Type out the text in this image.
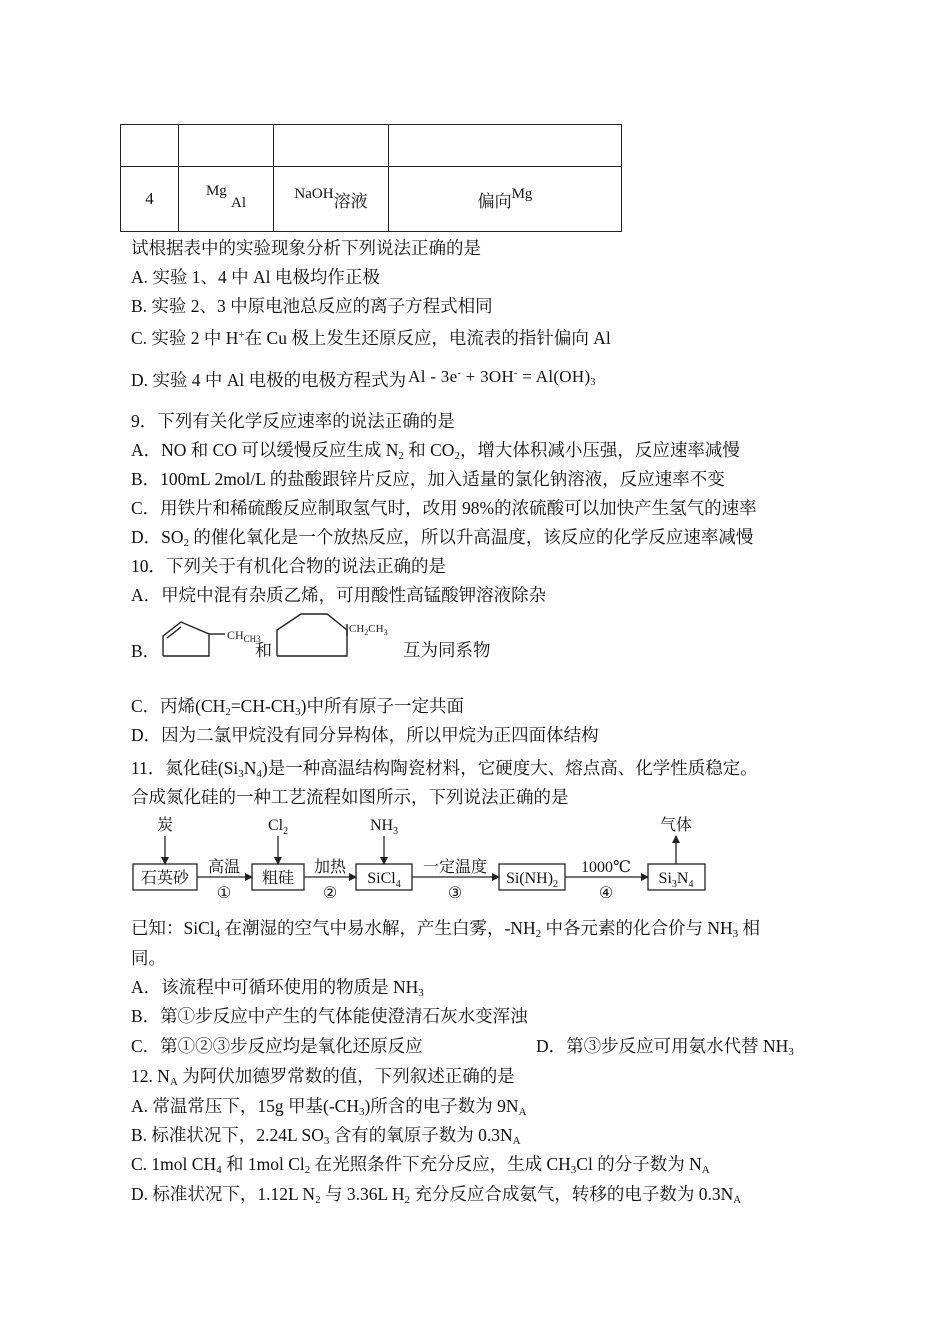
4	Mg Al	NaOH溶液	偏向Mg
试根据表中的实验现象分析下列说法正确的是
A. 实验 1、4 中 Al 电极均作正极
B. 实验 2、3 中原电池总反应的离子方程式相同
C. 实验 2 中 H+在 Cu 极上发生还原反应，电流表的指针偏向 Al
D. 实验 4 中 Al 电极的电极方程式为 $Al - 3e^- + 3OH^- = Al(OH)_3$
9．下列有关化学反应速率的说法正确的是
A．NO 和 CO 可以缓慢反应生成 $N_2$ 和 $CO_2$，增大体积减小压强，反应速率减慢
B．100mL 2mol/L 的盐酸跟锌片反应，加入适量的氯化钠溶液，反应速率不变
C．用铁片和稀硫酸反应制取氢气时，改用 98%的浓硫酸可以加快产生氢气的速率
D．$SO_2$ 的催化氧化是一个放热反应，所以升高温度，该反应的化学反应速率减慢
10．下列关于有机化合物的说法正确的是
A．甲烷中混有杂质乙烯，可用酸性高锰酸钾溶液除杂
B．
$CH_{CH3}$
和
$CH_2CH_3$
互为同系物
C．丙烯$(CH_2=CH-CH_3)$中所有原子一定共面
D．因为二氯甲烷没有同分异构体，所以甲烷为正四面体结构
11．氮化硅$(Si_3N_4)$是一种高温结构陶瓷材料，它硬度大、熔点高、化学性质稳定。
合成氮化硅的一种工艺流程如图所示，下列说法正确的是
石英砂	粗硅	SiCl$_4$	$Si(NH)_2$	$Si_3N_4$
炭	$Cl_2$	$NH_3$	气体
高温	加热	一定温度	1000℃
①	②	③	④
已知：SiCl$_4$ 在潮湿的空气中易水解，产生白雾，$-NH_2$ 中各元素的化合价与 $NH_3$ 相
同。
A．该流程中可循环使用的物质是 $NH_3$
B．第①步反应中产生的气体能使澄清石灰水变浑浊
C．第①②③步反应均是氧化还原反应	D．第③步反应可用氨水代替 $NH_3$
12. $N_A$ 为阿伏加德罗常数的值，下列叙述正确的是
A. 常温常压下，15g 甲基$(-CH_3)$所含的电子数为 $9N_A$
B. 标准状况下，2.24L $SO_3$ 含有的氧原子数为 $0.3N_A$
C. 1mol $CH_4$ 和 1mol $Cl_2$ 在光照条件下充分反应，生成 $CH_3Cl$ 的分子数为 $N_A$
D. 标准状况下，1.12L $N_2$ 与 3.36L $H_2$ 充分反应合成氨气，转移的电子数为 $0.3N_A$
